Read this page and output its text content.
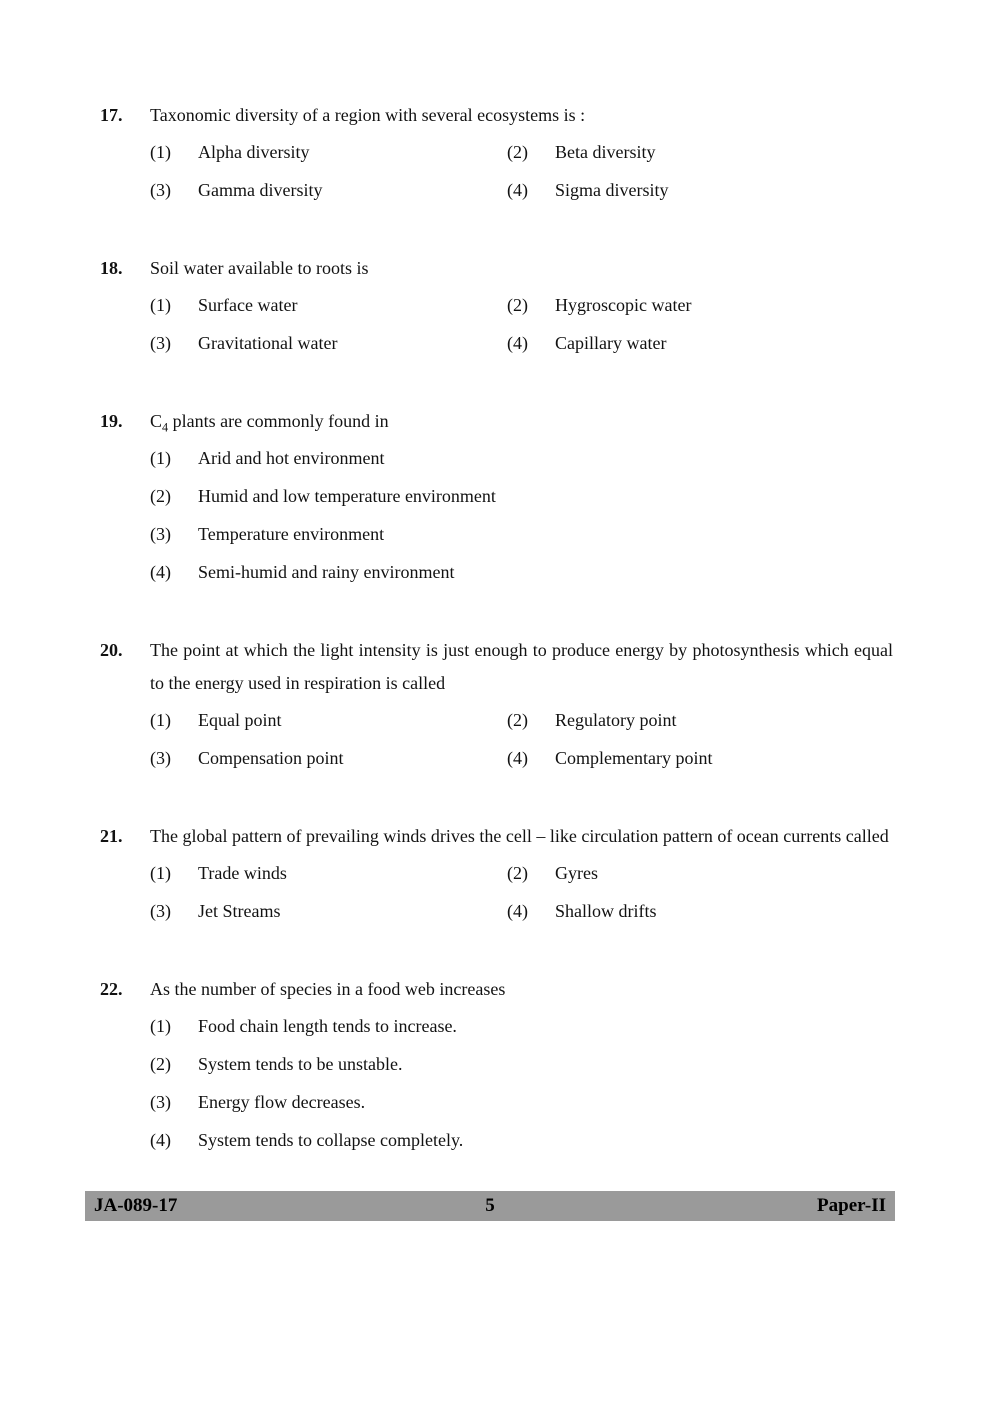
17.	Taxonomic diversity of a region with several ecosystems is :

(1)	Alpha diversity	(2)	Beta diversity
(3)	Gamma diversity	(4)	Sigma diversity
18.	Soil water available to roots is

(1)	Surface water	(2)	Hygroscopic water
(3)	Gravitational water	(4)	Capillary water
19.	$C_4$ plants are commonly found in

(1)	Arid and hot environment
(2)	Humid and low temperature environment
(3)	Temperature environment
(4)	Semi-humid and rainy environment
20.	The point at which the light intensity is just enough to produce energy by photosynthesis which equal to the energy used in respiration is called

(1)	Equal point	(2)	Regulatory point
(3)	Compensation point	(4)	Complementary point
21.	The global pattern of prevailing winds drives the cell – like circulation pattern of ocean currents called

(1)	Trade winds	(2)	Gyres
(3)	Jet Streams	(4)	Shallow drifts
22.	As the number of species in a food web increases

(1)	Food chain length tends to increase.
(2)	System tends to be unstable.
(3)	Energy flow decreases.
(4)	System tends to collapse completely.
JA-089-17	5	Paper-II
